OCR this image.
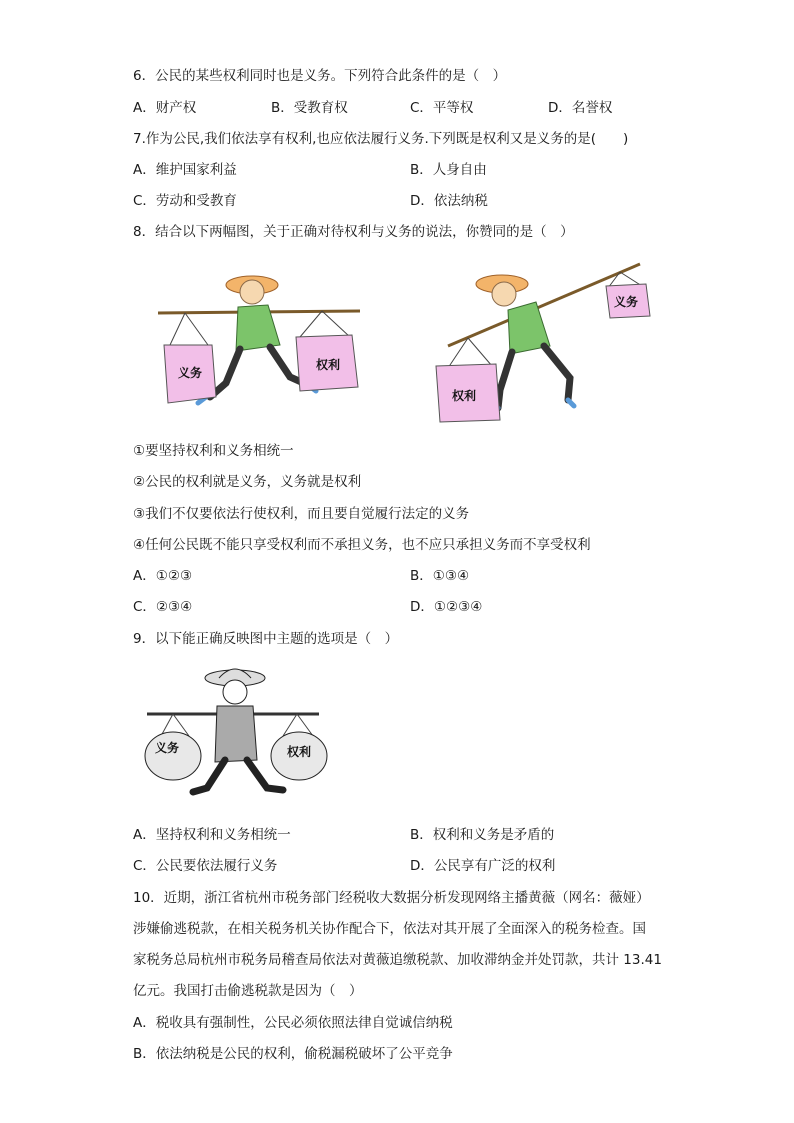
6．公民的某些权利同时也是义务。下列符合此条件的是（　）
A．财产权	B．受教育权	C．平等权	D．名誉权
7.作为公民,我们依法享有权利,也应依法履行义务.下列既是权利又是义务的是(　　)
A．维护国家利益	B．人身自由
C．劳动和受教育	D．依法纳税
8．结合以下两幅图，关于正确对待权利与义务的说法，你赞同的是（　）
义务
权利
权利
义务
①要坚持权利和义务相统一
②公民的权利就是义务，义务就是权利
③我们不仅要依法行使权利，而且要自觉履行法定的义务
④任何公民既不能只享受权利而不承担义务，也不应只承担义务而不享受权利
A．①②③	B．①③④
C．②③④	D．①②③④
9．以下能正确反映图中主题的选项是（　）
义务	权利
A．坚持权利和义务相统一	B．权利和义务是矛盾的
C．公民要依法履行义务	D．公民享有广泛的权利
10．近期，浙江省杭州市税务部门经税收大数据分析发现网络主播黄薇（网名：薇娅）
涉嫌偷逃税款，在相关税务机关协作配合下，依法对其开展了全面深入的税务检查。国
家税务总局杭州市税务局稽查局依法对黄薇追缴税款、加收滞纳金并处罚款，共计 13.41
亿元。我国打击偷逃税款是因为（　）
A．税收具有强制性，公民必须依照法律自觉诚信纳税
B．依法纳税是公民的权利，偷税漏税破坏了公平竞争
